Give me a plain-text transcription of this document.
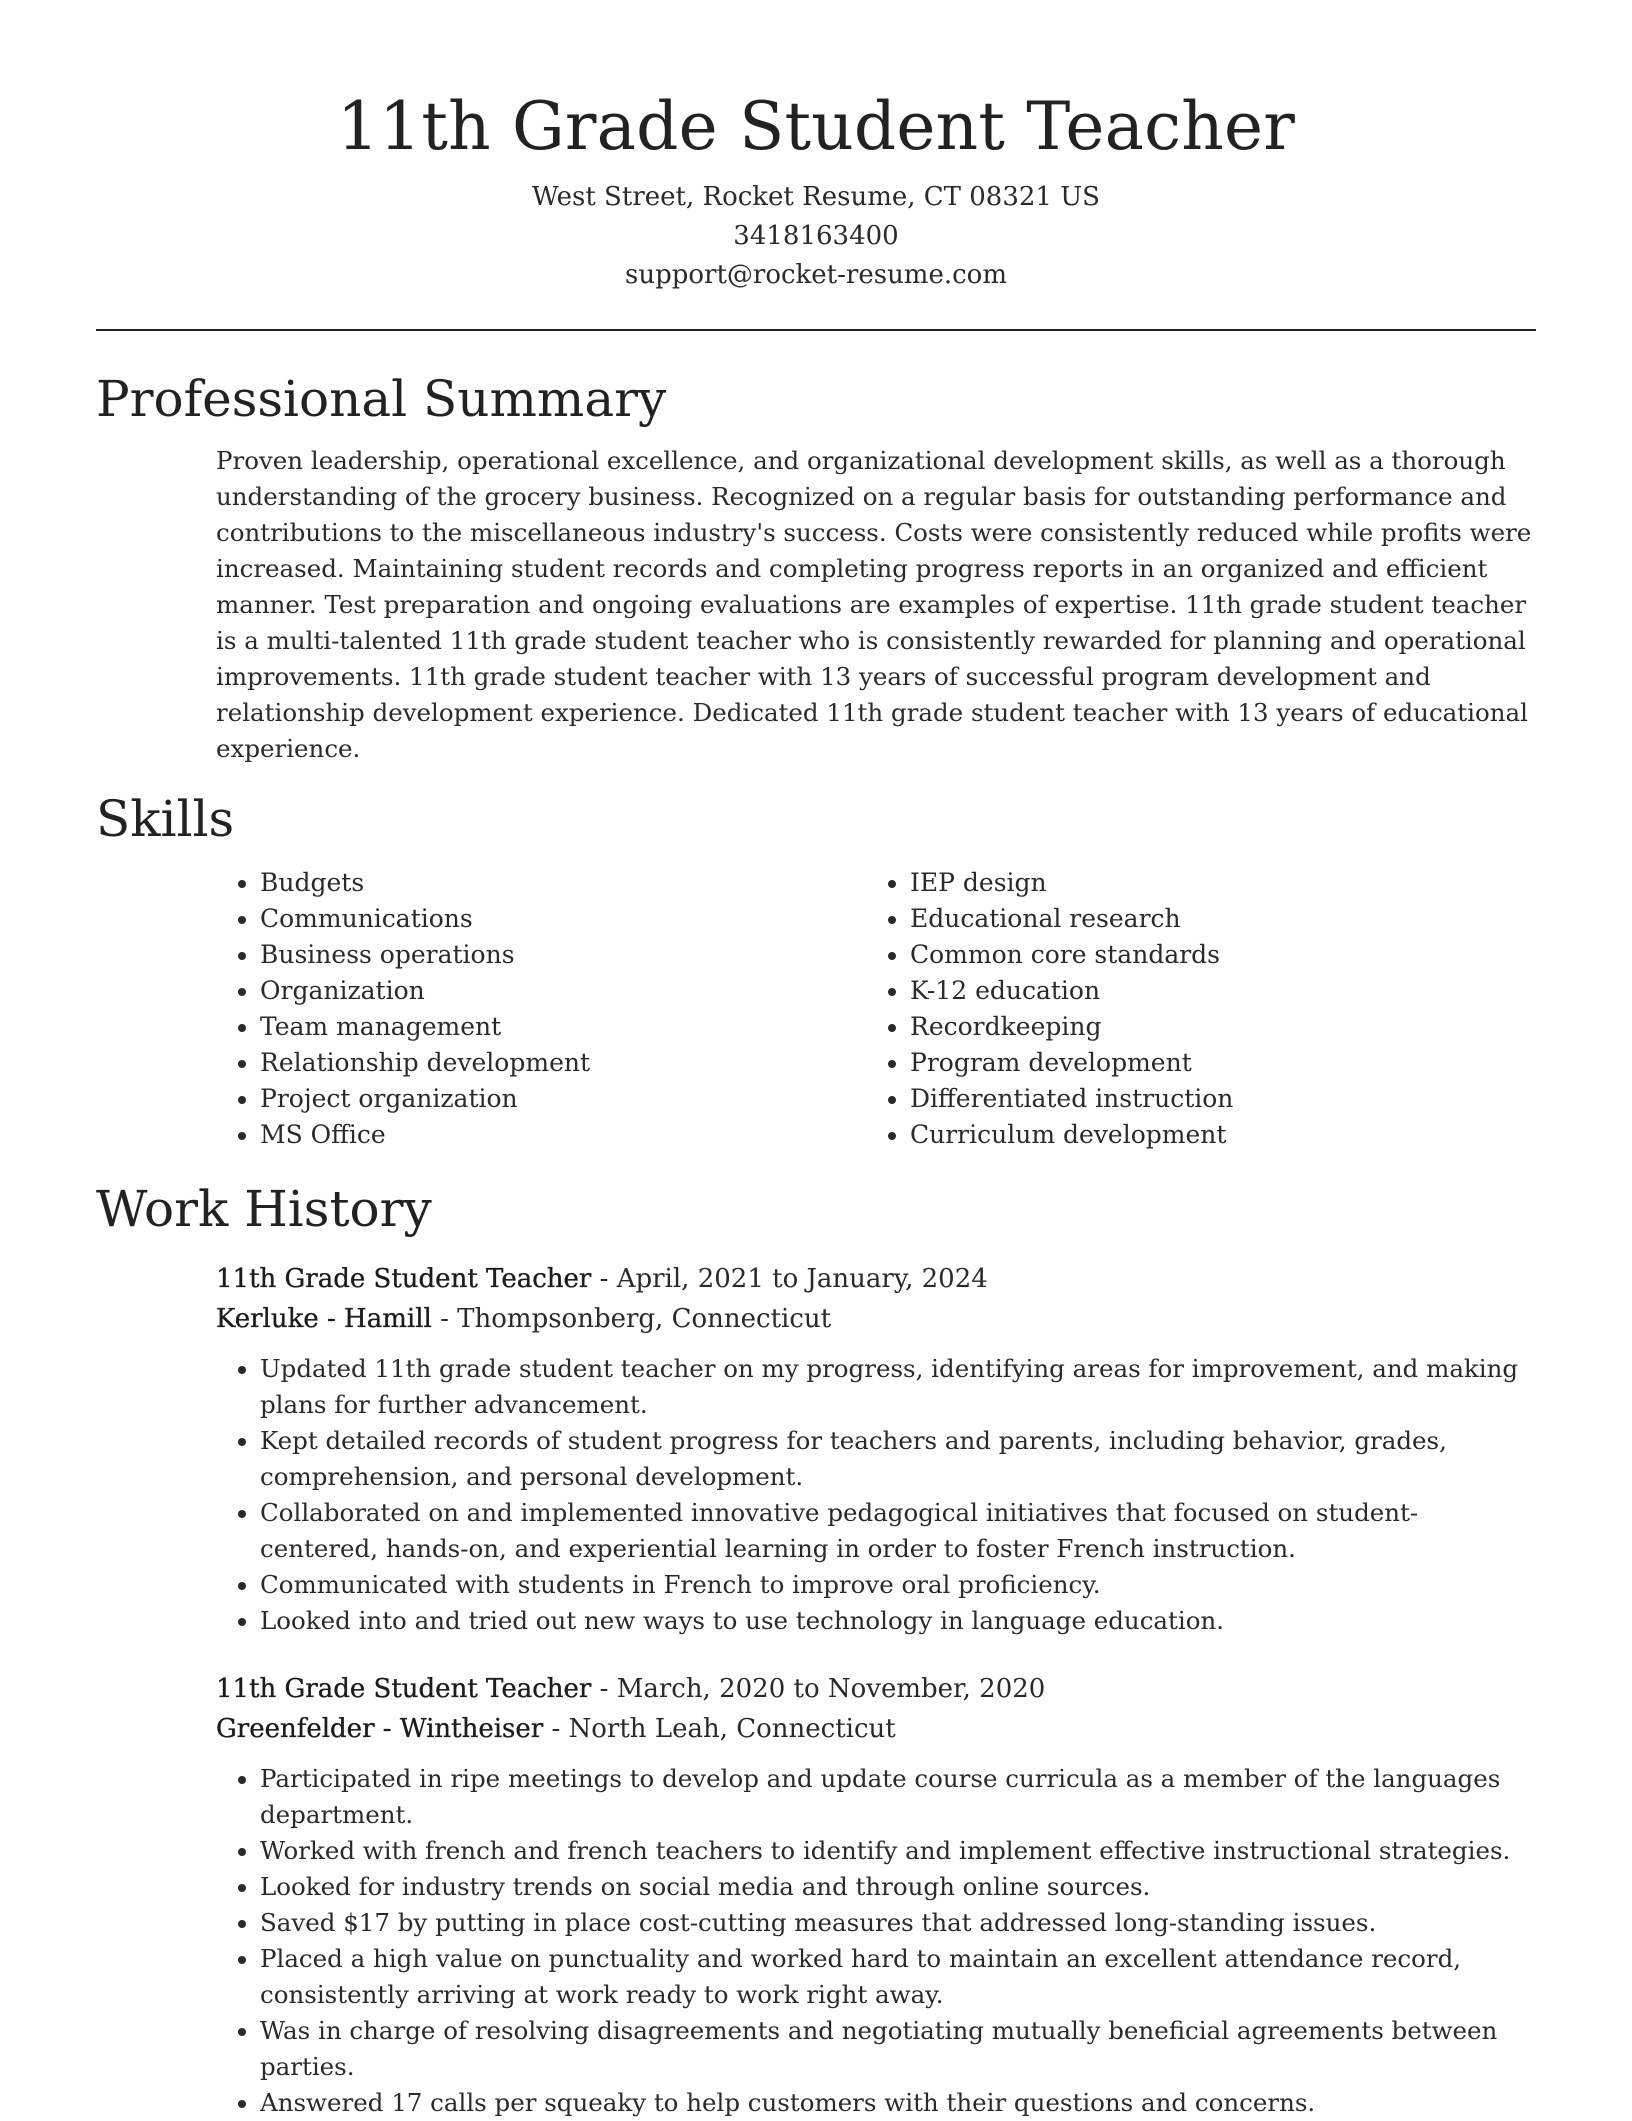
11th Grade Student Teacher
West Street, Rocket Resume, CT 08321 US
3418163400
support@rocket-resume.com
Professional Summary

Proven leadership, operational excellence, and organizational development skills, as well as a thorough understanding of the grocery business. Recognized on a regular basis for outstanding performance and contributions to the miscellaneous industry's success. Costs were consistently reduced while profits were increased. Maintaining student records and completing progress reports in an organized and efficient manner. Test preparation and ongoing evaluations are examples of expertise. 11th grade student teacher is a multi-talented 11th grade student teacher who is consistently rewarded for planning and operational improvements. 11th grade student teacher with 13 years of successful program development and relationship development experience. Dedicated 11th grade student teacher with 13 years of educational experience.

Skills
• Budgets
• Communications
• Business operations
• Organization
• Team management
• Relationship development
• Project organization
• MS Office
• IEP design
• Educational research
• Common core standards
• K-12 education
• Recordkeeping
• Program development
• Differentiated instruction
• Curriculum development
Work History
11th Grade Student Teacher - April, 2021 to January, 2024
Kerluke - Hamill - Thompsonberg, Connecticut
• Updated 11th grade student teacher on my progress, identifying areas for improvement, and making plans for further advancement.
• Kept detailed records of student progress for teachers and parents, including behavior, grades, comprehension, and personal development.
• Collaborated on and implemented innovative pedagogical initiatives that focused on student-centered, hands-on, and experiential learning in order to foster French instruction.
• Communicated with students in French to improve oral proficiency.
• Looked into and tried out new ways to use technology in language education.
11th Grade Student Teacher - March, 2020 to November, 2020
Greenfelder - Wintheiser - North Leah, Connecticut
• Participated in ripe meetings to develop and update course curricula as a member of the languages department.
• Worked with french and french teachers to identify and implement effective instructional strategies.
• Looked for industry trends on social media and through online sources.
• Saved $17 by putting in place cost-cutting measures that addressed long-standing issues.
• Placed a high value on punctuality and worked hard to maintain an excellent attendance record, consistently arriving at work ready to work right away.
• Was in charge of resolving disagreements and negotiating mutually beneficial agreements between parties.
• Answered 17 calls per squeaky to help customers with their questions and concerns.
